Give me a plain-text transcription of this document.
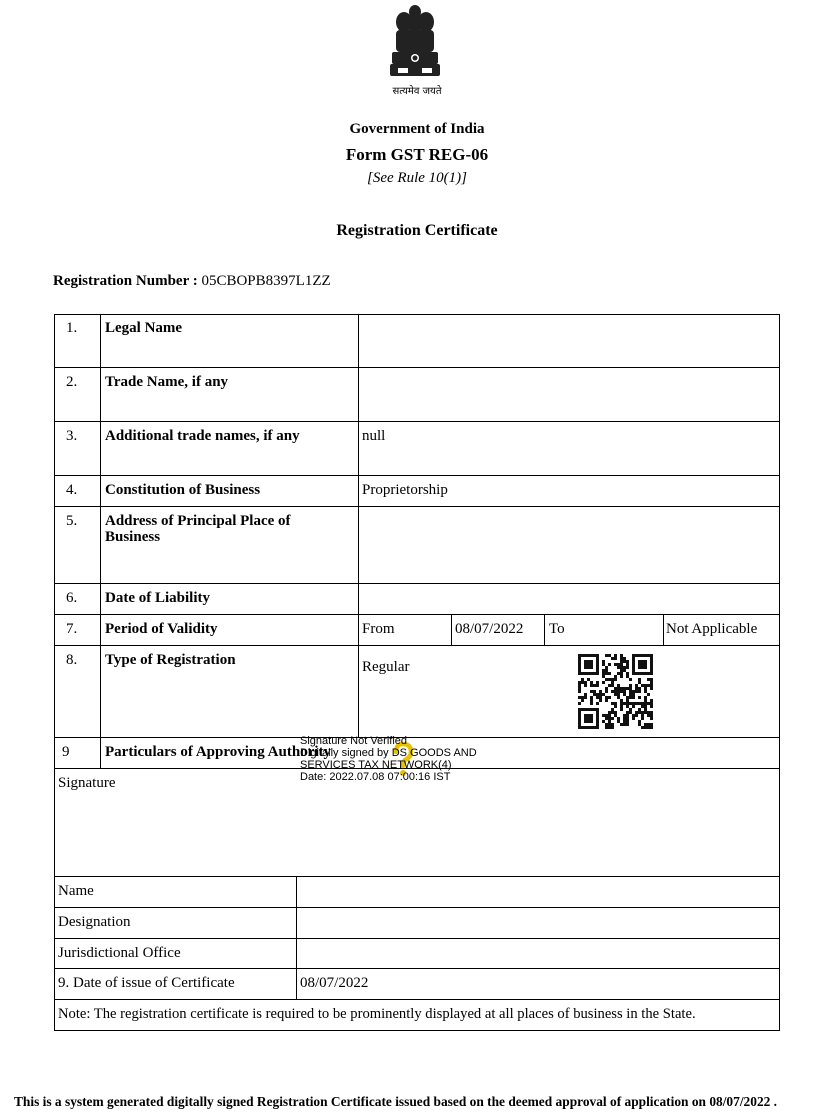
सत्यमेव जयते
Government of India
Form GST REG-06
[See Rule 10(1)]
Registration Certificate
Registration Number : 05CBOPB8397L1ZZ
1. Legal Name
2. Trade Name, if any
3. Additional trade names, if any	null
4. Constitution of Business	Proprietorship
5. Address of Principal Place of Business
6. Date of Liability
7. Period of Validity	From	08/07/2022 To	Not Applicable
8. Type of Registration	Regular
9 Particulars of Approving Authority
Signature
Name
Designation
Jurisdictional Office
9. Date of issue of Certificate	08/07/2022
Note: The registration certificate is required to be prominently displayed at all places of business in the State.
Signature Not Verified
Digitally signed by DS GOODS AND
SERVICES TAX NETWORK(4)
Date: 2022.07.08 07:00:16 IST
This is a system generated digitally signed Registration Certificate issued based on the deemed approval of application on 08/07/2022 .
